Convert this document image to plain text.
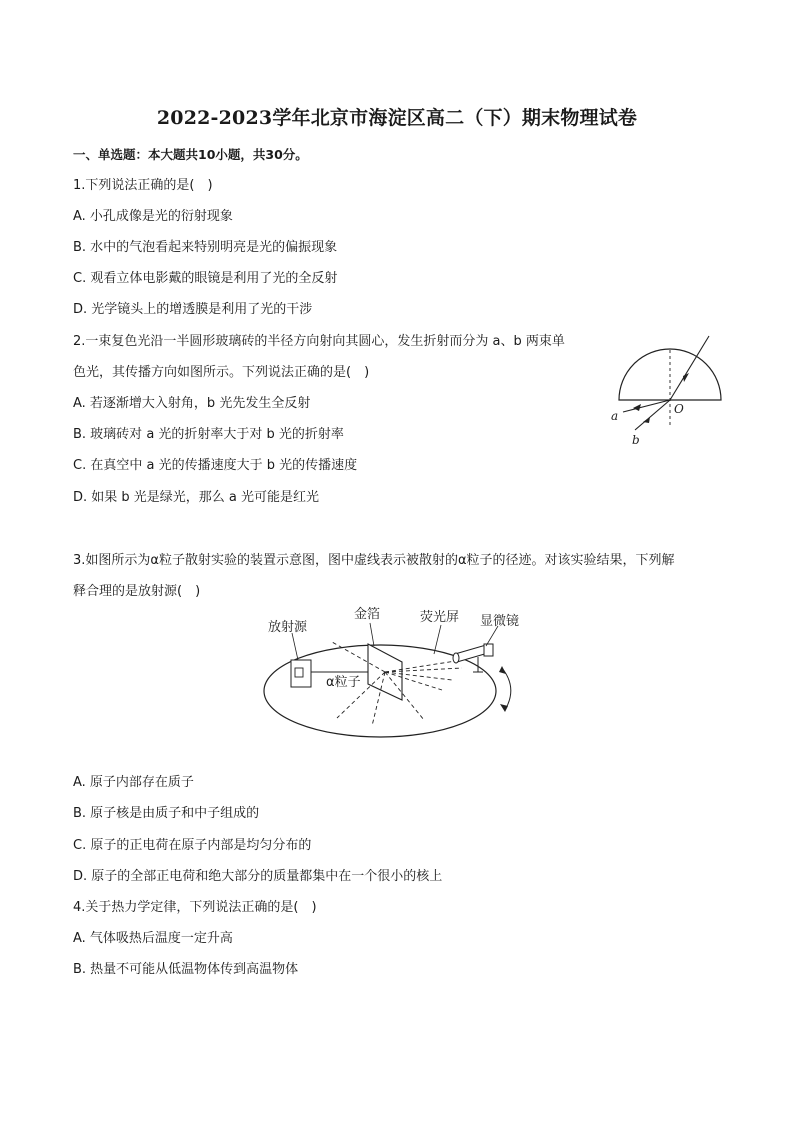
2022-2023学年北京市海淀区高二（下）期末物理试卷
一、单选题：本大题共10小题，共30分。
1.下列说法正确的是(　)
A. 小孔成像是光的衍射现象
B. 水中的气泡看起来特别明亮是光的偏振现象
C. 观看立体电影戴的眼镜是利用了光的全反射
D. 光学镜头上的增透膜是利用了光的干涉
2.一束复色光沿一半圆形玻璃砖的半径方向射向其圆心，发生折射而分为 a、b 两束单
色光，其传播方向如图所示。下列说法正确的是(　)
A. 若逐渐增大入射角，b 光先发生全反射
B. 玻璃砖对 a 光的折射率大于对 b 光的折射率
C. 在真空中 a 光的传播速度大于 b 光的传播速度
D. 如果 b 光是绿光，那么 a 光可能是红光
a
b
O
3.如图所示为α粒子散射实验的装置示意图，图中虚线表示被散射的α粒子的径迹。对该实验结果，下列解
释合理的是放射源(　)
放射源
金箔	荧光屏 显微镜
α粒子
A. 原子内部存在质子
B. 原子核是由质子和中子组成的
C. 原子的正电荷在原子内部是均匀分布的
D. 原子的全部正电荷和绝大部分的质量都集中在一个很小的核上
4.关于热力学定律，下列说法正确的是(　)
A. 气体吸热后温度一定升高
B. 热量不可能从低温物体传到高温物体
